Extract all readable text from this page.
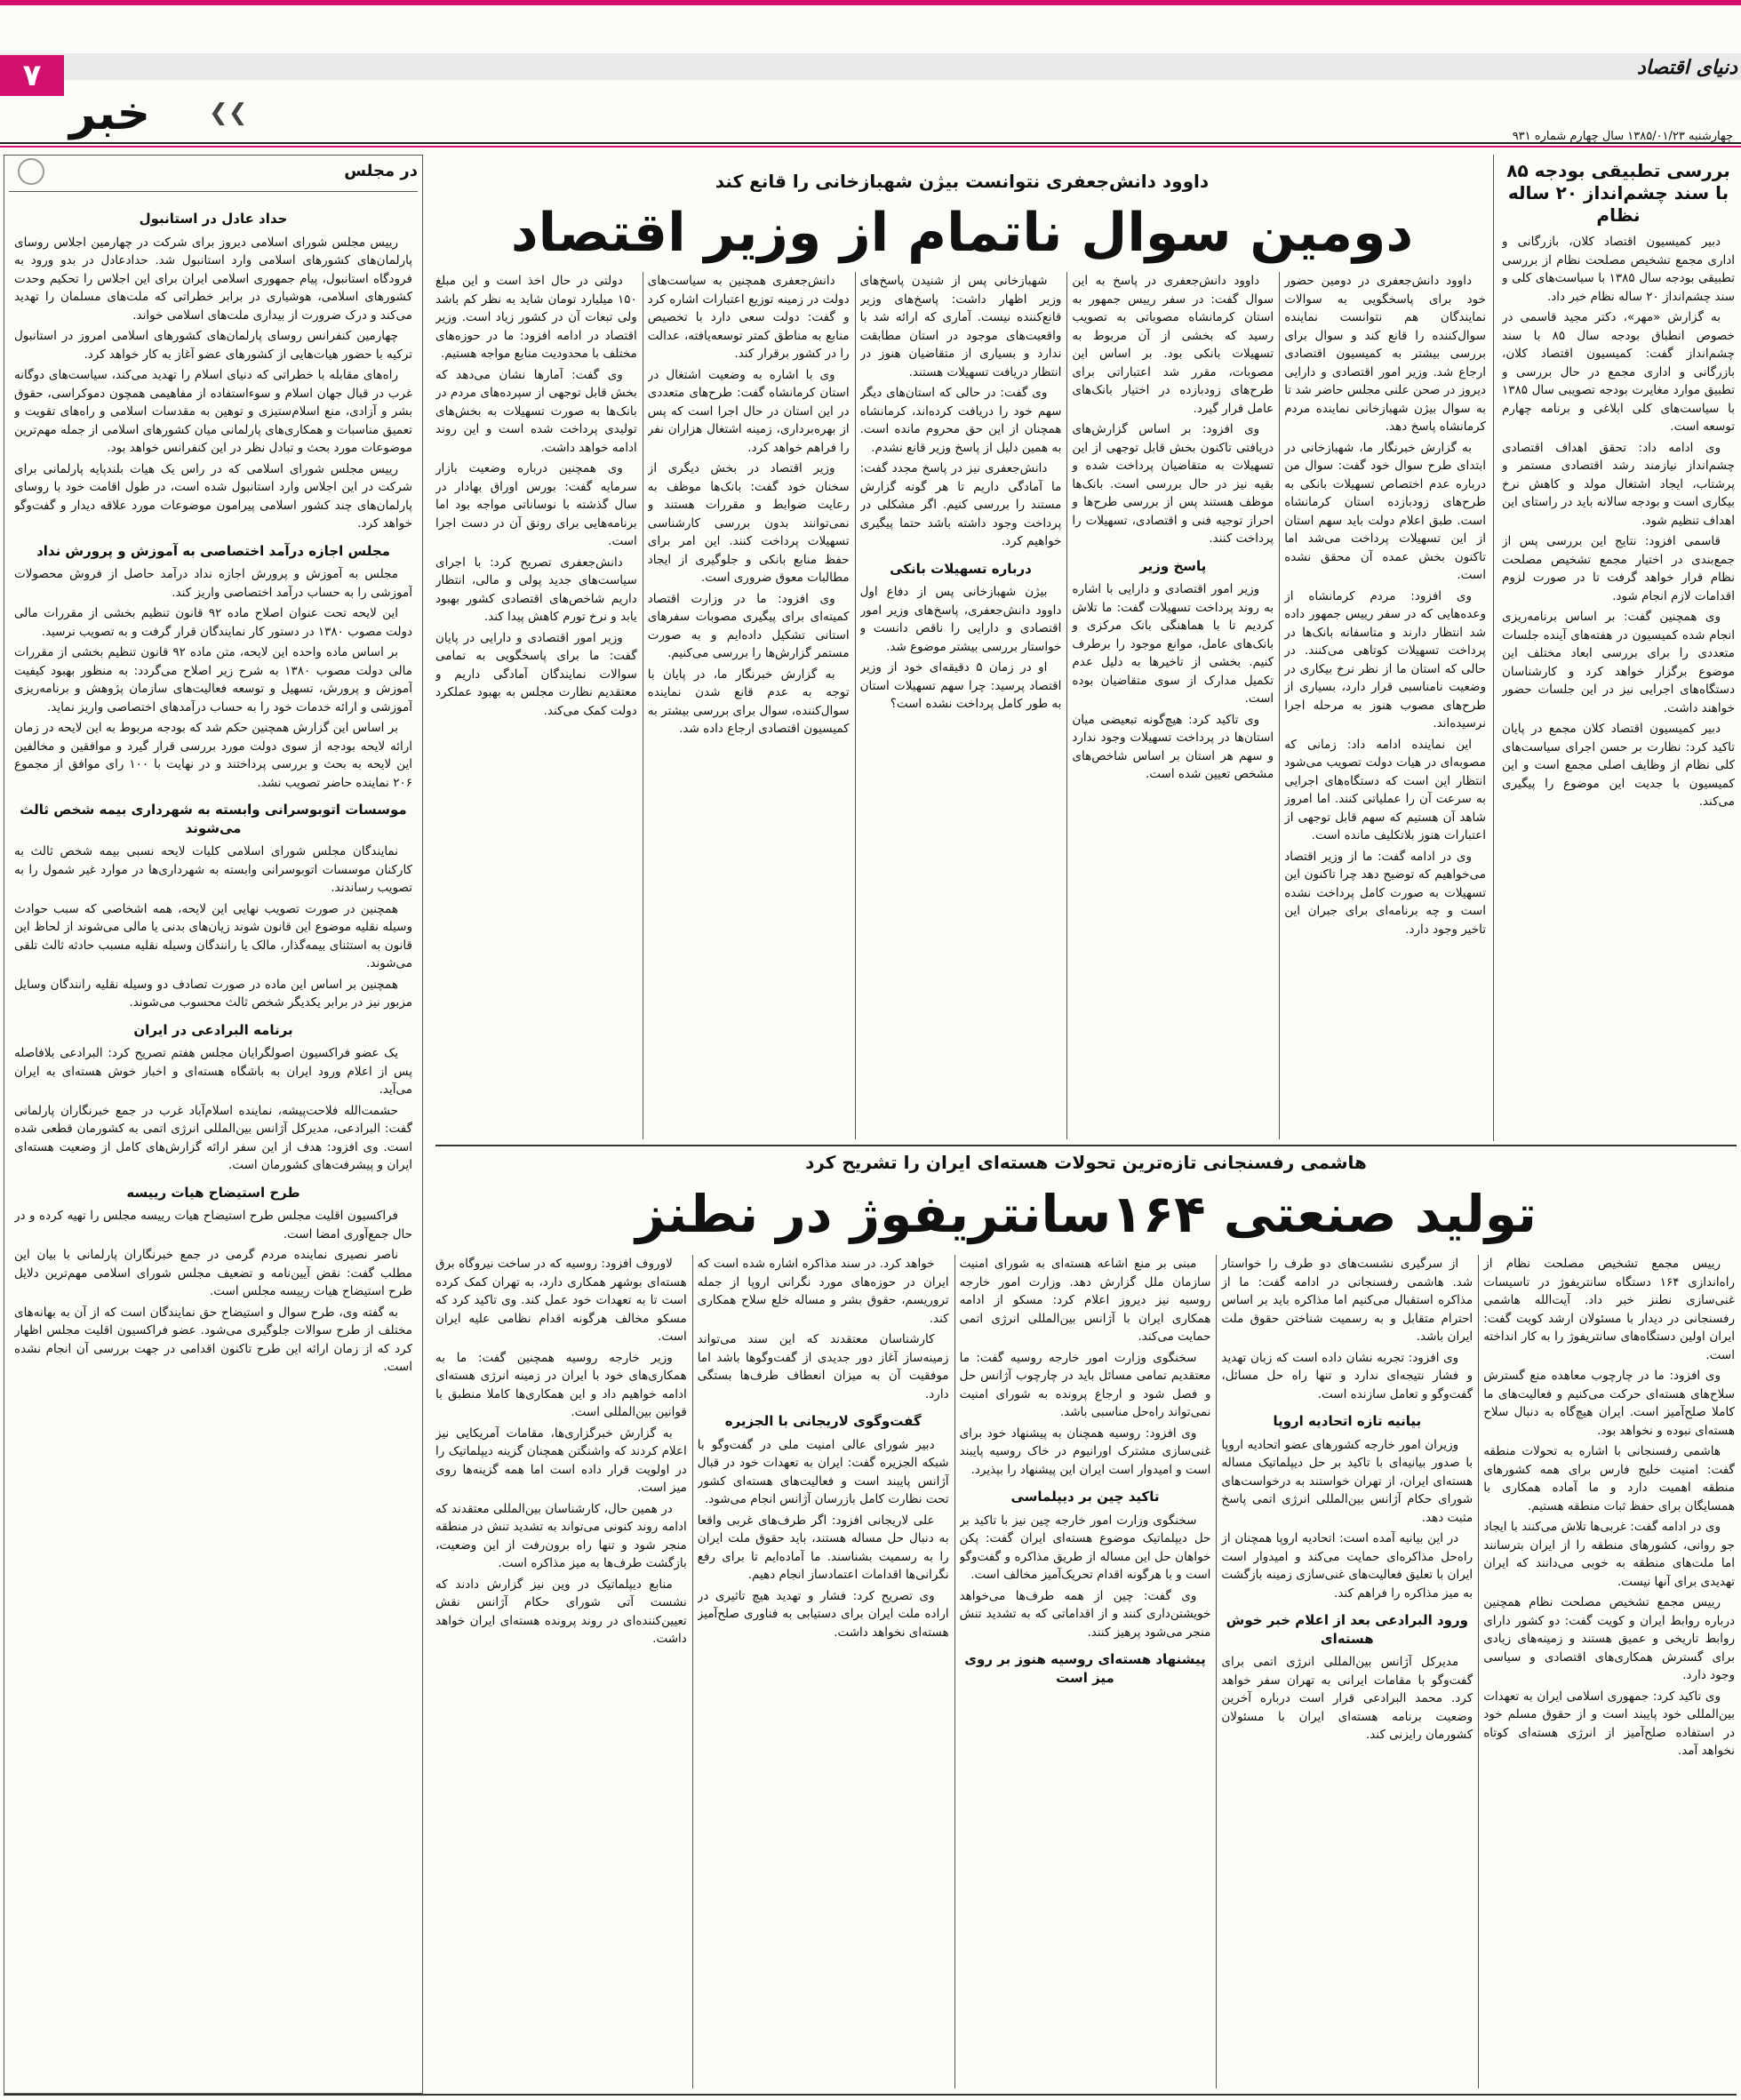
۷
خبر	❯❯
دنیای اقتصاد
چهارشنبه ۱۳۸۵/۰۱/۲۳ سال چهارم شماره ۹۳۱
در مجلس
حداد عادل در استانبول

رییس مجلس شورای اسلامی دیروز برای شرکت در چهارمین اجلاس روسای پارلمان‌های کشورهای اسلامی وارد استانبول شد. حدادعادل در بدو ورود به فرودگاه استانبول، پیام جمهوری اسلامی ایران برای این اجلاس را تحکیم وحدت کشورهای اسلامی، هوشیاری در برابر خطراتی که ملت‌های مسلمان را تهدید می‌کند و درک ضرورت از بیداری ملت‌های اسلامی خواند.

چهارمین کنفرانس روسای پارلمان‌های کشورهای اسلامی امروز در استانبول ترکیه با حضور هیات‌هایی از کشورهای عضو آغاز به کار خواهد کرد.

راه‌های مقابله با خطراتی که دنیای اسلام را تهدید می‌کند، سیاست‌های دوگانه غرب در قبال جهان اسلام و سوءاستفاده از مفاهیمی همچون دموکراسی، حقوق بشر و آزادی، منع اسلام‌ستیزی و توهین به مقدسات اسلامی و راه‌های تقویت و تعمیق مناسبات و همکاری‌های پارلمانی میان کشورهای اسلامی از جمله مهم‌ترین موضوعات مورد بحث و تبادل نظر در این کنفرانس خواهد بود.

رییس مجلس شورای اسلامی که در راس یک هیات بلندپایه پارلمانی برای شرکت در این اجلاس وارد استانبول شده است، در طول اقامت خود با روسای پارلمان‌های چند کشور اسلامی پیرامون موضوعات مورد علاقه دیدار و گفت‌وگو خواهد کرد.

مجلس اجازه درآمد اختصاصی به آموزش و پرورش نداد

مجلس به آموزش و پرورش اجازه نداد درآمد حاصل از فروش محصولات آموزشی را به حساب درآمد اختصاصی واریز کند.

این لایحه تحت عنوان اصلاح ماده ۹۲ قانون تنظیم بخشی از مقررات مالی دولت مصوب ۱۳۸۰ در دستور کار نمایندگان قرار گرفت و به تصویب نرسید.

بر اساس ماده واحده این لایحه، متن ماده ۹۲ قانون تنظیم بخشی از مقررات مالی دولت مصوب ۱۳۸۰ به شرح زیر اصلاح می‌گردد: به منظور بهبود کیفیت آموزش و پرورش، تسهیل و توسعه فعالیت‌های سازمان پژوهش و برنامه‌ریزی آموزشی و ارائه خدمات خود را به حساب درآمدهای اختصاصی واریز نماید.

بر اساس این گزارش همچنین حکم شد که بودجه مربوط به این لایحه در زمان ارائه لایحه بودجه از سوی دولت مورد بررسی قرار گیرد و موافقین و مخالفین این لایحه به بحث و بررسی پرداختند و در نهایت با ۱۰۰ رای موافق از مجموع ۲۰۶ نماینده حاضر تصویب نشد.

موسسات اتوبوسرانی وابسته به شهرداری بیمه شخص ثالث می‌شوند

نمایندگان مجلس شورای اسلامی کلیات لایحه نسبی بیمه شخص ثالث به کارکنان موسسات اتوبوسرانی وابسته به شهرداری‌ها در موارد غیر شمول را به تصویب رساندند.

همچنین در صورت تصویب نهایی این لایحه، همه اشخاصی که سبب حوادث وسیله نقلیه موضوع این قانون شوند زیان‌های بدنی یا مالی می‌شوند از لحاظ این قانون به استثنای بیمه‌گذار، مالک یا رانندگان وسیله نقلیه مسبب حادثه ثالث تلقی می‌شوند.

همچنین بر اساس این ماده در صورت تصادف دو وسیله نقلیه رانندگان وسایل مزبور نیز در برابر یکدیگر شخص ثالث محسوب می‌شوند.

برنامه البرادعی در ایران

یک عضو فراکسیون اصولگرایان مجلس هفتم تصریح کرد: البرادعی بلافاصله پس از اعلام ورود ایران به باشگاه هسته‌ای و اخبار خوش هسته‌ای به ایران می‌آید.

حشمت‌الله فلاحت‌پیشه، نماینده اسلام‌آباد غرب در جمع خبرنگاران پارلمانی گفت: البرادعی، مدیرکل آژانس بین‌المللی انرژی اتمی به کشورمان قطعی شده است. وی افزود: هدف از این سفر ارائه گزارش‌های کامل از وضعیت هسته‌ای ایران و پیشرفت‌های کشورمان است.

طرح استیضاح هیات رییسه

فراکسیون اقلیت مجلس طرح استیضاح هیات رییسه مجلس را تهیه کرده و در حال جمع‌آوری امضا است.

ناصر نصیری نماینده مردم گرمی در جمع خبرنگاران پارلمانی با بیان این مطلب گفت: نقض آیین‌نامه و تضعیف مجلس شورای اسلامی مهم‌ترین دلایل طرح استیضاح هیات رییسه مجلس است.

به گفته وی، طرح سوال و استیضاح حق نمایندگان است که از آن به بهانه‌های مختلف از طرح سوالات جلوگیری می‌شود. عضو فراکسیون اقلیت مجلس اظهار کرد که از زمان ارائه این طرح تاکنون اقدامی در جهت بررسی آن انجام نشده است.

بررسی تطبیقی بودجه ۸۵ با سند چشم‌انداز ۲۰ ساله نظام

دبیر کمیسیون اقتصاد کلان، بازرگانی و اداری مجمع تشخیص مصلحت نظام از بررسی تطبیقی بودجه سال ۱۳۸۵ با سیاست‌های کلی و سند چشم‌انداز ۲۰ ساله نظام خبر داد.

به گزارش «مهر»، دکتر مجید قاسمی در خصوص انطباق بودجه سال ۸۵ با سند چشم‌انداز گفت: کمیسیون اقتصاد کلان، بازرگانی و اداری مجمع در حال بررسی و تطبیق موارد مغایرت بودجه تصویبی سال ۱۳۸۵ با سیاست‌های کلی ابلاغی و برنامه چهارم توسعه است.

وی ادامه داد: تحقق اهداف اقتصادی چشم‌انداز نیازمند رشد اقتصادی مستمر و پرشتاب، ایجاد اشتغال مولد و کاهش نرخ بیکاری است و بودجه سالانه باید در راستای این اهداف تنظیم شود.

قاسمی افزود: نتایج این بررسی پس از جمع‌بندی در اختیار مجمع تشخیص مصلحت نظام قرار خواهد گرفت تا در صورت لزوم اقدامات لازم انجام شود.

وی همچنین گفت: بر اساس برنامه‌ریزی انجام شده کمیسیون در هفته‌های آینده جلسات متعددی را برای بررسی ابعاد مختلف این موضوع برگزار خواهد کرد و کارشناسان دستگاه‌های اجرایی نیز در این جلسات حضور خواهند داشت.

دبیر کمیسیون اقتصاد کلان مجمع در پایان تاکید کرد: نظارت بر حسن اجرای سیاست‌های کلی نظام از وظایف اصلی مجمع است و این کمیسیون با جدیت این موضوع را پیگیری می‌کند.

داوود دانش‌جعفری نتوانست بیژن شهبازخانی را قانع کند
دومین سوال ناتمام از وزیر اقتصاد

داوود دانش‌جعفری در دومین حضور خود برای پاسخگویی به سوالات نمایندگان هم نتوانست نماینده سوال‌کننده را قانع کند و سوال برای بررسی بیشتر به کمیسیون اقتصادی ارجاع شد. وزیر امور اقتصادی و دارایی دیروز در صحن علنی مجلس حاضر شد تا به سوال بیژن شهبازخانی نماینده مردم کرمانشاه پاسخ دهد.

به گزارش خبرنگار ما، شهبازخانی در ابتدای طرح سوال خود گفت: سوال من درباره عدم اختصاص تسهیلات بانکی به طرح‌های زودبازده استان کرمانشاه است. طبق اعلام دولت باید سهم استان از این تسهیلات پرداخت می‌شد اما تاکنون بخش عمده آن محقق نشده است.

وی افزود: مردم کرمانشاه از وعده‌هایی که در سفر رییس جمهور داده شد انتظار دارند و متاسفانه بانک‌ها در پرداخت تسهیلات کوتاهی می‌کنند. در حالی که استان ما از نظر نرخ بیکاری در وضعیت نامناسبی قرار دارد، بسیاری از طرح‌های مصوب هنوز به مرحله اجرا نرسیده‌اند.

این نماینده ادامه داد: زمانی که مصوبه‌ای در هیات دولت تصویب می‌شود انتظار این است که دستگاه‌های اجرایی به سرعت آن را عملیاتی کنند. اما امروز شاهد آن هستیم که سهم قابل توجهی از اعتبارات هنوز بلاتکلیف مانده است.

وی در ادامه گفت: ما از وزیر اقتصاد می‌خواهیم که توضیح دهد چرا تاکنون این تسهیلات به صورت کامل پرداخت نشده است و چه برنامه‌ای برای جبران این تاخیر وجود دارد.

داوود دانش‌جعفری در پاسخ به این سوال گفت: در سفر رییس جمهور به استان کرمانشاه مصوباتی به تصویب رسید که بخشی از آن مربوط به تسهیلات بانکی بود. بر اساس این مصوبات، مقرر شد اعتباراتی برای طرح‌های زودبازده در اختیار بانک‌های عامل قرار گیرد.

وی افزود: بر اساس گزارش‌های دریافتی تاکنون بخش قابل توجهی از این تسهیلات به متقاضیان پرداخت شده و بقیه نیز در حال بررسی است. بانک‌ها موظف هستند پس از بررسی طرح‌ها و احراز توجیه فنی و اقتصادی، تسهیلات را پرداخت کنند.

پاسخ وزیر

وزیر امور اقتصادی و دارایی با اشاره به روند پرداخت تسهیلات گفت: ما تلاش کردیم تا با هماهنگی بانک مرکزی و بانک‌های عامل، موانع موجود را برطرف کنیم. بخشی از تاخیرها به دلیل عدم تکمیل مدارک از سوی متقاضیان بوده است.

وی تاکید کرد: هیچ‌گونه تبعیضی میان استان‌ها در پرداخت تسهیلات وجود ندارد و سهم هر استان بر اساس شاخص‌های مشخص تعیین شده است.

شهبازخانی پس از شنیدن پاسخ‌های وزیر اظهار داشت: پاسخ‌های وزیر قانع‌کننده نیست. آماری که ارائه شد با واقعیت‌های موجود در استان مطابقت ندارد و بسیاری از متقاضیان هنوز در انتظار دریافت تسهیلات هستند.

وی گفت: در حالی که استان‌های دیگر سهم خود را دریافت کرده‌اند، کرمانشاه همچنان از این حق محروم مانده است. به همین دلیل از پاسخ وزیر قانع نشدم.

دانش‌جعفری نیز در پاسخ مجدد گفت: ما آمادگی داریم تا هر گونه گزارش مستند را بررسی کنیم. اگر مشکلی در پرداخت وجود داشته باشد حتما پیگیری خواهیم کرد.

درباره تسهیلات بانکی

بیژن شهبازخانی پس از دفاع اول داوود دانش‌جعفری، پاسخ‌های وزیر امور اقتصادی و دارایی را ناقص دانست و خواستار بررسی بیشتر موضوع شد.

او در زمان ۵ دقیقه‌ای خود از وزیر اقتصاد پرسید: چرا سهم تسهیلات استان به طور کامل پرداخت نشده است؟

دانش‌جعفری همچنین به سیاست‌های دولت در زمینه توزیع اعتبارات اشاره کرد و گفت: دولت سعی دارد با تخصیص منابع به مناطق کمتر توسعه‌یافته، عدالت را در کشور برقرار کند.

وی با اشاره به وضعیت اشتغال در استان کرمانشاه گفت: طرح‌های متعددی در این استان در حال اجرا است که پس از بهره‌برداری، زمینه اشتغال هزاران نفر را فراهم خواهد کرد.

وزیر اقتصاد در بخش دیگری از سخنان خود گفت: بانک‌ها موظف به رعایت ضوابط و مقررات هستند و نمی‌توانند بدون بررسی کارشناسی تسهیلات پرداخت کنند. این امر برای حفظ منابع بانکی و جلوگیری از ایجاد مطالبات معوق ضروری است.

وی افزود: ما در وزارت اقتصاد کمیته‌ای برای پیگیری مصوبات سفرهای استانی تشکیل داده‌ایم و به صورت مستمر گزارش‌ها را بررسی می‌کنیم.

به گزارش خبرنگار ما، در پایان با توجه به عدم قانع شدن نماینده سوال‌کننده، سوال برای بررسی بیشتر به کمیسیون اقتصادی ارجاع داده شد.

دولتی در حال اخذ است و این مبلغ ۱۵۰ میلیارد تومان شاید به نظر کم باشد ولی تبعات آن در کشور زیاد است. وزیر اقتصاد در ادامه افزود: ما در حوزه‌های مختلف با محدودیت منابع مواجه هستیم.

وی گفت: آمارها نشان می‌دهد که بخش قابل توجهی از سپرده‌های مردم در بانک‌ها به صورت تسهیلات به بخش‌های تولیدی پرداخت شده است و این روند ادامه خواهد داشت.

وی همچنین درباره وضعیت بازار سرمایه گفت: بورس اوراق بهادار در سال گذشته با نوساناتی مواجه بود اما برنامه‌هایی برای رونق آن در دست اجرا است.

دانش‌جعفری تصریح کرد: با اجرای سیاست‌های جدید پولی و مالی، انتظار داریم شاخص‌های اقتصادی کشور بهبود یابد و نرخ تورم کاهش پیدا کند.

وزیر امور اقتصادی و دارایی در پایان گفت: ما برای پاسخگویی به تمامی سوالات نمایندگان آمادگی داریم و معتقدیم نظارت مجلس به بهبود عملکرد دولت کمک می‌کند.

هاشمی رفسنجانی تازه‌ترین تحولات هسته‌ای ایران را تشریح کرد
تولید صنعتی ۱۶۴سانتریفوژ در نطنز

رییس مجمع تشخیص مصلحت نظام از راه‌اندازی ۱۶۴ دستگاه سانتریفوژ در تاسیسات غنی‌سازی نطنز خبر داد. آیت‌الله هاشمی رفسنجانی در دیدار با مسئولان ارشد کویت گفت: ایران اولین دستگاه‌های سانتریفوژ را به کار انداخته است.

وی افزود: ما در چارچوب معاهده منع گسترش سلاح‌های هسته‌ای حرکت می‌کنیم و فعالیت‌های ما کاملا صلح‌آمیز است. ایران هیچ‌گاه به دنبال سلاح هسته‌ای نبوده و نخواهد بود.

هاشمی رفسنجانی با اشاره به تحولات منطقه گفت: امنیت خلیج فارس برای همه کشورهای منطقه اهمیت دارد و ما آماده همکاری با همسایگان برای حفظ ثبات منطقه هستیم.

وی در ادامه گفت: غربی‌ها تلاش می‌کنند با ایجاد جو روانی، کشورهای منطقه را از ایران بترسانند اما ملت‌های منطقه به خوبی می‌دانند که ایران تهدیدی برای آنها نیست.

رییس مجمع تشخیص مصلحت نظام همچنین درباره روابط ایران و کویت گفت: دو کشور دارای روابط تاریخی و عمیق هستند و زمینه‌های زیادی برای گسترش همکاری‌های اقتصادی و سیاسی وجود دارد.

وی تاکید کرد: جمهوری اسلامی ایران به تعهدات بین‌المللی خود پایبند است و از حقوق مسلم خود در استفاده صلح‌آمیز از انرژی هسته‌ای کوتاه نخواهد آمد.

از سرگیری نشست‌های دو طرف را خواستار شد. هاشمی رفسنجانی در ادامه گفت: ما از مذاکره استقبال می‌کنیم اما مذاکره باید بر اساس احترام متقابل و به رسمیت شناختن حقوق ملت ایران باشد.

وی افزود: تجربه نشان داده است که زبان تهدید و فشار نتیجه‌ای ندارد و تنها راه حل مسائل، گفت‌وگو و تعامل سازنده است.

بیانیه تازه اتحادیه اروپا

وزیران امور خارجه کشورهای عضو اتحادیه اروپا با صدور بیانیه‌ای با تاکید بر حل دیپلماتیک مساله هسته‌ای ایران، از تهران خواستند به درخواست‌های شورای حکام آژانس بین‌المللی انرژی اتمی پاسخ مثبت دهد.

در این بیانیه آمده است: اتحادیه اروپا همچنان از راه‌حل مذاکره‌ای حمایت می‌کند و امیدوار است ایران با تعلیق فعالیت‌های غنی‌سازی زمینه بازگشت به میز مذاکره را فراهم کند.

ورود البرادعی بعد از اعلام خبر خوش هسته‌ای

مدیرکل آژانس بین‌المللی انرژی اتمی برای گفت‌وگو با مقامات ایرانی به تهران سفر خواهد کرد. محمد البرادعی قرار است درباره آخرین وضعیت برنامه هسته‌ای ایران با مسئولان کشورمان رایزنی کند.

مبنی بر منع اشاعه هسته‌ای به شورای امنیت سازمان ملل گزارش دهد. وزارت امور خارجه روسیه نیز دیروز اعلام کرد: مسکو از ادامه همکاری ایران با آژانس بین‌المللی انرژی اتمی حمایت می‌کند.

سخنگوی وزارت امور خارجه روسیه گفت: ما معتقدیم تمامی مسائل باید در چارچوب آژانس حل و فصل شود و ارجاع پرونده به شورای امنیت نمی‌تواند راه‌حل مناسبی باشد.

وی افزود: روسیه همچنان به پیشنهاد خود برای غنی‌سازی مشترک اورانیوم در خاک روسیه پایبند است و امیدوار است ایران این پیشنهاد را بپذیرد.

تاکید چین بر دیپلماسی

سخنگوی وزارت امور خارجه چین نیز با تاکید بر حل دیپلماتیک موضوع هسته‌ای ایران گفت: پکن خواهان حل این مساله از طریق مذاکره و گفت‌وگو است و با هرگونه اقدام تحریک‌آمیز مخالف است.

وی گفت: چین از همه طرف‌ها می‌خواهد خویشتن‌داری کنند و از اقداماتی که به تشدید تنش منجر می‌شود پرهیز کنند.

پیشنهاد هسته‌ای روسیه هنوز بر روی میز است

خواهد کرد. در سند مذاکره اشاره شده است که ایران در حوزه‌های مورد نگرانی اروپا از جمله تروریسم، حقوق بشر و مساله خلع سلاح همکاری کند.

کارشناسان معتقدند که این سند می‌تواند زمینه‌ساز آغاز دور جدیدی از گفت‌وگوها باشد اما موفقیت آن به میزان انعطاف طرف‌ها بستگی دارد.

گفت‌وگوی لاریجانی با الجزیره

دبیر شورای عالی امنیت ملی در گفت‌وگو با شبکه الجزیره گفت: ایران به تعهدات خود در قبال آژانس پایبند است و فعالیت‌های هسته‌ای کشور تحت نظارت کامل بازرسان آژانس انجام می‌شود.

علی لاریجانی افزود: اگر طرف‌های غربی واقعا به دنبال حل مساله هستند، باید حقوق ملت ایران را به رسمیت بشناسند. ما آماده‌ایم تا برای رفع نگرانی‌ها اقدامات اعتمادساز انجام دهیم.

وی تصریح کرد: فشار و تهدید هیچ تاثیری در اراده ملت ایران برای دستیابی به فناوری صلح‌آمیز هسته‌ای نخواهد داشت.

لاوروف افزود: روسیه که در ساخت نیروگاه برق هسته‌ای بوشهر همکاری دارد، به تهران کمک کرده است تا به تعهدات خود عمل کند. وی تاکید کرد که مسکو مخالف هرگونه اقدام نظامی علیه ایران است.

وزیر خارجه روسیه همچنین گفت: ما به همکاری‌های خود با ایران در زمینه انرژی هسته‌ای ادامه خواهیم داد و این همکاری‌ها کاملا منطبق با قوانین بین‌المللی است.

به گزارش خبرگزاری‌ها، مقامات آمریکایی نیز اعلام کردند که واشنگتن همچنان گزینه دیپلماتیک را در اولویت قرار داده است اما همه گزینه‌ها روی میز است.

در همین حال، کارشناسان بین‌المللی معتقدند که ادامه روند کنونی می‌تواند به تشدید تنش در منطقه منجر شود و تنها راه برون‌رفت از این وضعیت، بازگشت طرف‌ها به میز مذاکره است.

منابع دیپلماتیک در وین نیز گزارش دادند که نشست آتی شورای حکام آژانس نقش تعیین‌کننده‌ای در روند پرونده هسته‌ای ایران خواهد داشت.
